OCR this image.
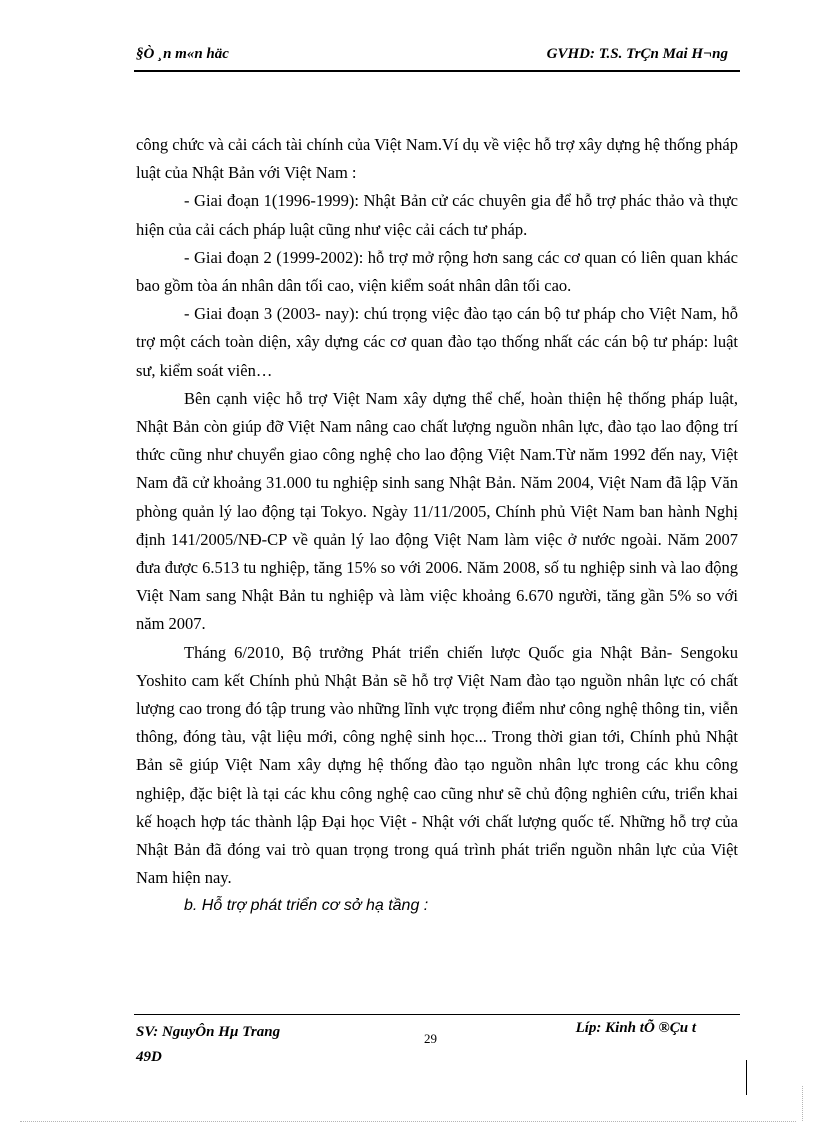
§Ò ¸n m«n häc	GVHD: T.S. TrÇn Mai H¬ng

công chức và cải cách tài chính của Việt Nam.Ví dụ về việc hỗ trợ xây dựng hệ thống pháp luật của Nhật Bản với Việt Nam :

- Giai đoạn 1(1996-1999): Nhật Bản cử các chuyên gia để hỗ trợ phác thảo và thực hiện của cải cách pháp luật cũng như việc cải cách tư pháp.

- Giai đoạn 2 (1999-2002): hỗ trợ mở rộng hơn sang các cơ quan có liên quan khác bao gồm tòa án nhân dân tối cao, viện kiểm soát nhân dân tối cao.

- Giai đoạn 3 (2003- nay): chú trọng việc đào tạo cán bộ tư pháp cho Việt Nam, hỗ trợ một cách toàn diện, xây dựng các cơ quan đào tạo thống nhất các cán bộ tư pháp: luật sư, kiểm soát viên…

Bên cạnh việc hỗ trợ Việt Nam xây dựng thể chế, hoàn thiện hệ thống pháp luật, Nhật Bản còn giúp đỡ Việt Nam nâng cao chất lượng nguồn nhân lực, đào tạo lao động trí thức cũng như chuyển giao công nghệ cho lao động Việt Nam.Từ năm 1992 đến nay, Việt Nam đã cử khoảng 31.000 tu nghiệp sinh sang Nhật Bản. Năm 2004, Việt Nam đã lập Văn phòng quản lý lao động tại Tokyo. Ngày 11/11/2005, Chính phủ Việt Nam ban hành Nghị định 141/2005/NĐ-CP về quản lý lao động Việt Nam làm việc ở nước ngoài. Năm 2007 đưa được 6.513 tu nghiệp, tăng 15% so với 2006. Năm 2008, số tu nghiệp sinh và lao động Việt Nam sang Nhật Bản tu nghiệp và làm việc khoảng 6.670 người, tăng gần 5% so với năm 2007.

Tháng 6/2010, Bộ trưởng Phát triển chiến lược Quốc gia Nhật Bản- Sengoku Yoshito cam kết Chính phủ Nhật Bản sẽ hỗ trợ Việt Nam đào tạo nguồn nhân lực có chất lượng cao trong đó tập trung vào những lĩnh vực trọng điểm như công nghệ thông tin, viễn thông, đóng tàu, vật liệu mới, công nghệ sinh học... Trong thời gian tới, Chính phủ Nhật Bản sẽ giúp Việt Nam xây dựng hệ thống đào tạo nguồn nhân lực trong các khu công nghiệp, đặc biệt là tại các khu công nghệ cao cũng như sẽ chủ động nghiên cứu, triển khai kế hoạch hợp tác thành lập Đại học Việt - Nhật với chất lượng quốc tế. Những hỗ trợ của Nhật Bản đã đóng vai trò quan trọng trong quá trình phát triển nguồn nhân lực của Việt Nam hiện nay.

b. Hỗ trợ phát triển cơ sở hạ tầng :

SV: NguyÔn Hµ Trang
49D
29
Líp: Kinh tÕ ®Çu t
